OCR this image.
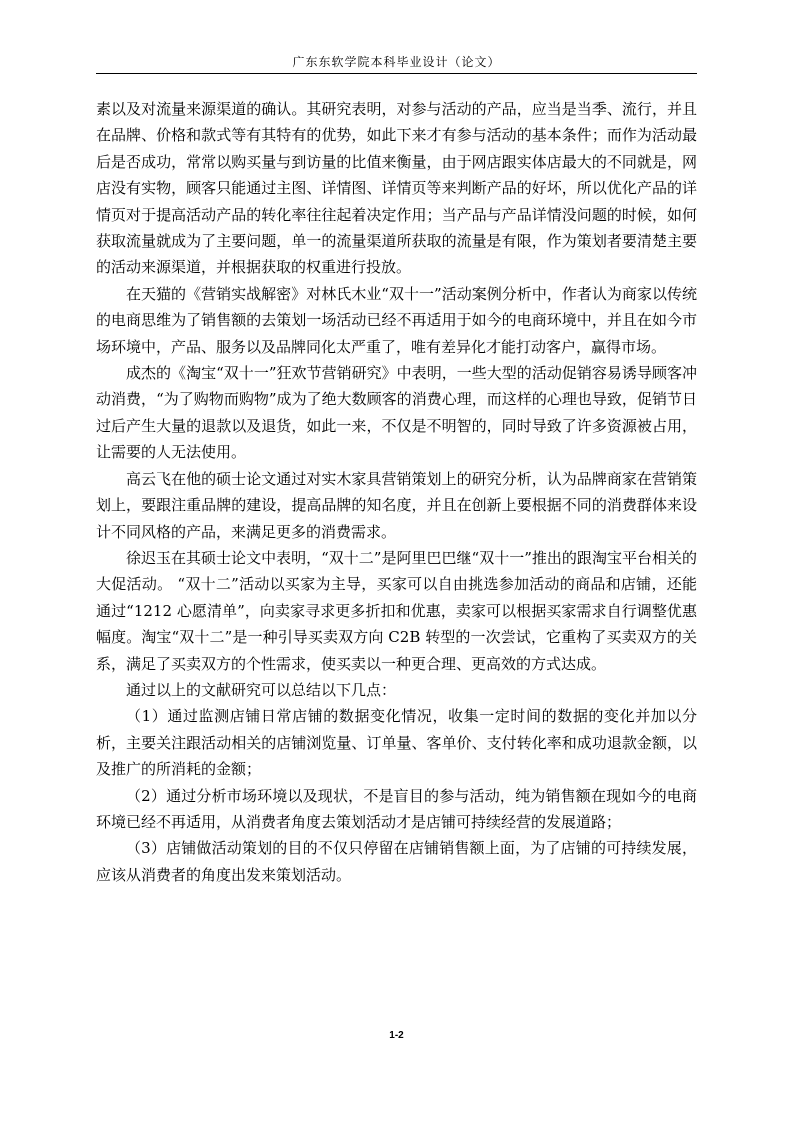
广东东软学院本科毕业设计（论文）

素以及对流量来源渠道的确认。其研究表明，对参与活动的产品，应当是当季、流行，并且在品牌、价格和款式等有其特有的优势，如此下来才有参与活动的基本条件；而作为活动最后是否成功，常常以购买量与到访量的比值来衡量，由于网店跟实体店最大的不同就是，网店没有实物，顾客只能通过主图、详情图、详情页等来判断产品的好坏，所以优化产品的详情页对于提高活动产品的转化率往往起着决定作用；当产品与产品详情没问题的时候，如何获取流量就成为了主要问题，单一的流量渠道所获取的流量是有限，作为策划者要清楚主要的活动来源渠道，并根据获取的权重进行投放。

在天猫的《营销实战解密》对林氏木业“双十一”活动案例分析中，作者认为商家以传统的电商思维为了销售额的去策划一场活动已经不再适用于如今的电商环境中，并且在如今市场环境中，产品、服务以及品牌同化太严重了，唯有差异化才能打动客户，赢得市场。

成杰的《淘宝“双十一”狂欢节营销研究》中表明，一些大型的活动促销容易诱导顾客冲动消费，“为了购物而购物”成为了绝大数顾客的消费心理，而这样的心理也导致，促销节日过后产生大量的退款以及退货，如此一来，不仅是不明智的，同时导致了许多资源被占用，让需要的人无法使用。

高云飞在他的硕士论文通过对实木家具营销策划上的研究分析，认为品牌商家在营销策划上，要跟注重品牌的建设，提高品牌的知名度，并且在创新上要根据不同的消费群体来设计不同风格的产品，来满足更多的消费需求。

徐迟玉在其硕士论文中表明，“双十二”是阿里巴巴继“双十一”推出的跟淘宝平台相关的大促活动。 “双十二”活动以买家为主导，买家可以自由挑选参加活动的商品和店铺，还能通过“1212 心愿清单”，向卖家寻求更多折扣和优惠，卖家可以根据买家需求自行调整优惠幅度。淘宝“双十二”是一种引导买卖双方向 C2B 转型的一次尝试，它重构了买卖双方的关系，满足了买卖双方的个性需求，使买卖以一种更合理、更高效的方式达成。

通过以上的文献研究可以总结以下几点：

（1）通过监测店铺日常店铺的数据变化情况，收集一定时间的数据的变化并加以分析，主要关注跟活动相关的店铺浏览量、订单量、客单价、支付转化率和成功退款金额，以及推广的所消耗的金额；

（2）通过分析市场环境以及现状，不是盲目的参与活动，纯为销售额在现如今的电商环境已经不再适用，从消费者角度去策划活动才是店铺可持续经营的发展道路；

（3）店铺做活动策划的目的不仅只停留在店铺销售额上面，为了店铺的可持续发展，应该从消费者的角度出发来策划活动。

1-2
